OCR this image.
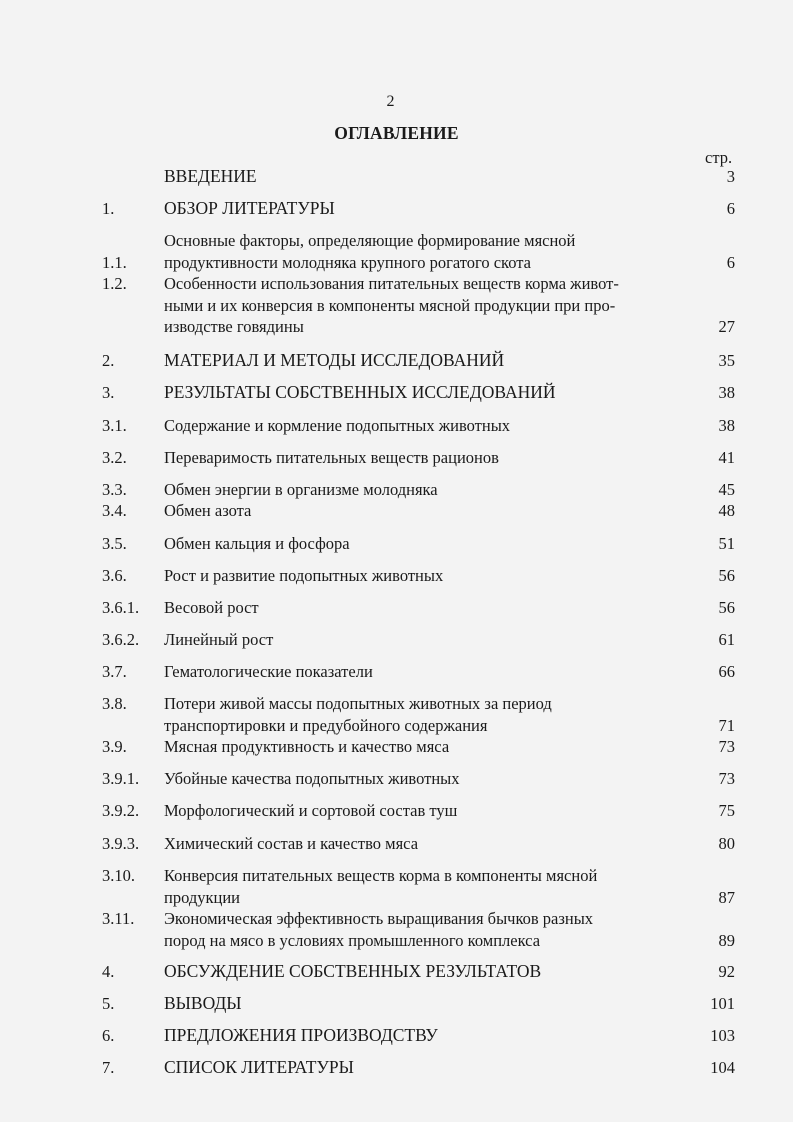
2
ОГЛАВЛЕНИЕ
стр.
ВВЕДЕНИЕ	3
1.	ОБЗОР ЛИТЕРАТУРЫ	6
1.1.
Основные факторы, определяющие формирование мясной
продуктивности молодняка крупного рогатого скота	6
1.2. Особенности использования питательных веществ корма живот-
ными и их конверсия в компоненты мясной продукции при про-
изводстве говядины	27
2.	МАТЕРИАЛ И МЕТОДЫ ИССЛЕДОВАНИЙ	35
3.	РЕЗУЛЬТАТЫ СОБСТВЕННЫХ ИССЛЕДОВАНИЙ	38
3.1. Содержание и кормление подопытных животных	38
3.2. Переваримость питательных веществ рационов	41
3.3. Обмен энергии в организме молодняка	45
3.4. Обмен азота	48
3.5. Обмен кальция и фосфора	51
3.6. Рост и развитие подопытных животных	56
3.6.1. Весовой рост	56
3.6.2. Линейный рост	61
3.7. Гематологические показатели	66
3.8. Потери живой массы подопытных животных за период
транспортировки и предубойного содержания	71
3.9. Мясная продуктивность и качество мяса	73
3.9.1. Убойные качества подопытных животных	73
3.9.2. Морфологический и сортовой состав туш	75
3.9.3. Химический состав и качество мяса	80
3.10. Конверсия питательных веществ корма в компоненты мясной
продукции	87
3.11. Экономическая эффективность выращивания бычков разных
пород на мясо в условиях промышленного комплекса	89
4.	ОБСУЖДЕНИЕ СОБСТВЕННЫХ РЕЗУЛЬТАТОВ	92
5.	ВЫВОДЫ	101
6.	ПРЕДЛОЖЕНИЯ ПРОИЗВОДСТВУ	103
7.	СПИСОК ЛИТЕРАТУРЫ	104
